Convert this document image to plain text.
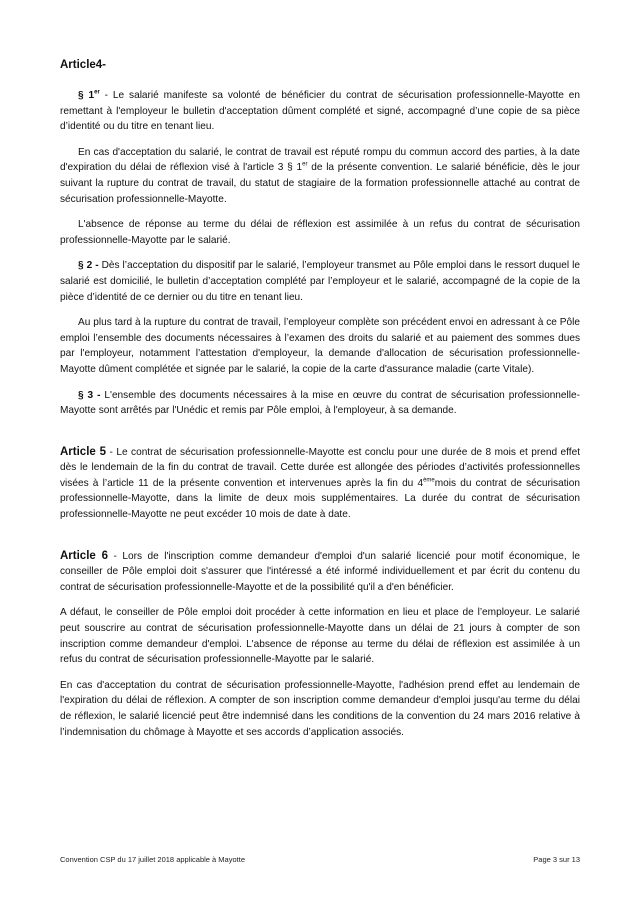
Article4-

§ 1er - Le salarié manifeste sa volonté de bénéficier du contrat de sécurisation professionnelle-Mayotte en remettant à l'employeur le bulletin d'acceptation dûment complété et signé, accompagné d’une copie de sa pièce d’identité ou du titre en tenant lieu.

En cas d'acceptation du salarié, le contrat de travail est réputé rompu du commun accord des parties, à la date d'expiration du délai de réflexion visé à l'article 3 § 1er de la présente convention. Le salarié bénéficie, dès le jour suivant la rupture du contrat de travail, du statut de stagiaire de la formation professionnelle attaché au contrat de sécurisation professionnelle-Mayotte.

L'absence de réponse au terme du délai de réflexion est assimilée à un refus du contrat de sécurisation professionnelle-Mayotte par le salarié.

§ 2 - Dès l’acceptation du dispositif par le salarié, l’employeur transmet au Pôle emploi dans le ressort duquel le salarié est domicilié, le bulletin d’acceptation complété par l’employeur et le salarié, accompagné de la copie de la pièce d’identité de ce dernier ou du titre en tenant lieu.

Au plus tard à la rupture du contrat de travail, l’employeur complète son précédent envoi en adressant à ce Pôle emploi l’ensemble des documents nécessaires à l’examen des droits du salarié et au paiement des sommes dues par l'employeur, notamment l’attestation d'employeur, la demande d'allocation de sécurisation professionnelle-Mayotte dûment complétée et signée par le salarié, la copie de la carte d'assurance maladie (carte Vitale).

§ 3 - L'ensemble des documents nécessaires à la mise en œuvre du contrat de sécurisation professionnelle-Mayotte sont arrêtés par l'Unédic et remis par Pôle emploi, à l'employeur, à sa demande.

Article 5 - Le contrat de sécurisation professionnelle-Mayotte est conclu pour une durée de 8 mois et prend effet dès le lendemain de la fin du contrat de travail. Cette durée est allongée des périodes d’activités professionnelles visées à l’article 11 de la présente convention et intervenues après la fin du 4èmemois du contrat de sécurisation professionnelle-Mayotte, dans la limite de deux mois supplémentaires. La durée du contrat de sécurisation professionnelle-Mayotte ne peut excéder 10 mois de date à date.

Article 6 - Lors de l'inscription comme demandeur d'emploi d'un salarié licencié pour motif économique, le conseiller de Pôle emploi doit s'assurer que l'intéressé a été informé individuellement et par écrit du contenu du contrat de sécurisation professionnelle-Mayotte et de la possibilité qu'il a d'en bénéficier.

A défaut, le conseiller de Pôle emploi doit procéder à cette information en lieu et place de l’employeur. Le salarié peut souscrire au contrat de sécurisation professionnelle-Mayotte dans un délai de 21 jours à compter de son inscription comme demandeur d'emploi. L'absence de réponse au terme du délai de réflexion est assimilée à un refus du contrat de sécurisation professionnelle-Mayotte par le salarié.

En cas d'acceptation du contrat de sécurisation professionnelle-Mayotte, l'adhésion prend effet au lendemain de l'expiration du délai de réflexion. A compter de son inscription comme demandeur d'emploi jusqu'au terme du délai de réflexion, le salarié licencié peut être indemnisé dans les conditions de la convention du 24 mars 2016 relative à l’indemnisation du chômage à Mayotte et ses accords d’application associés.

Convention CSP du 17 juillet 2018 applicable à Mayotte	Page 3 sur 13
